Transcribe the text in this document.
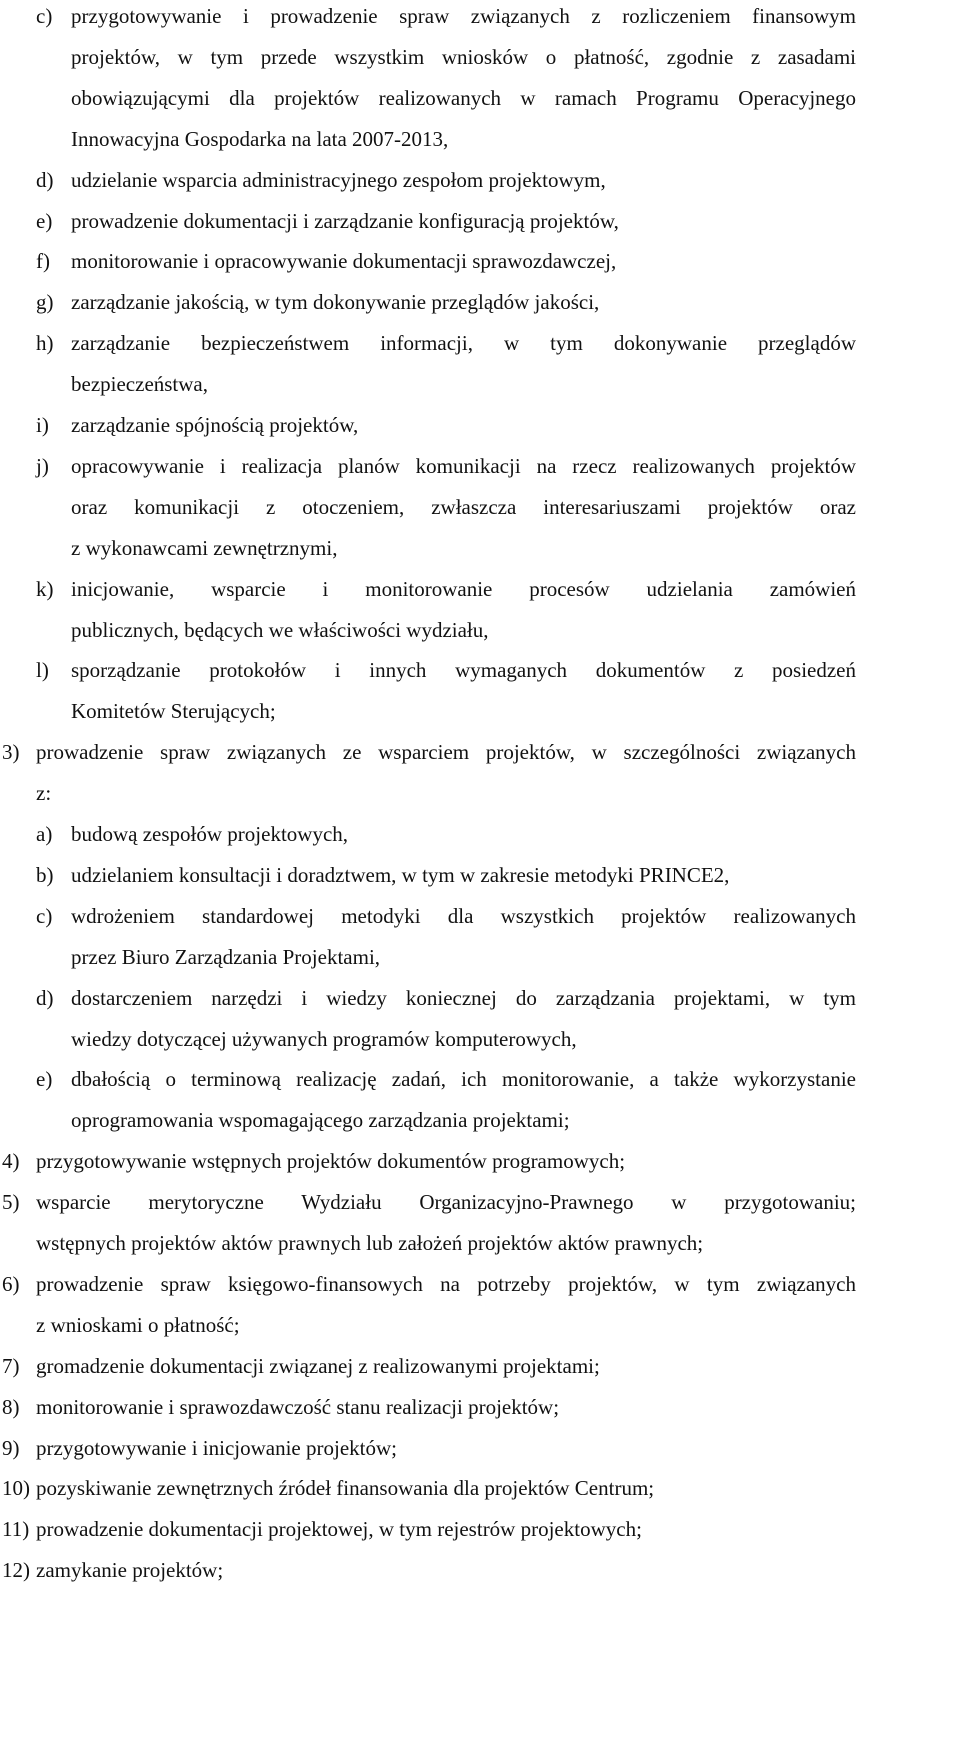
c) przygotowywanie i prowadzenie spraw związanych z rozliczeniem finansowym
projektów, w tym przede wszystkim wniosków o płatność, zgodnie z zasadami
obowiązującymi dla projektów realizowanych w ramach Programu Operacyjnego
Innowacyjna Gospodarka na lata 2007-2013,
d) udzielanie wsparcia administracyjnego zespołom projektowym,
e) prowadzenie dokumentacji i zarządzanie konfiguracją projektów,
f) monitorowanie i opracowywanie dokumentacji sprawozdawczej,
g) zarządzanie jakością, w tym dokonywanie przeglądów jakości,
h) zarządzanie bezpieczeństwem informacji, w tym dokonywanie przeglądów
bezpieczeństwa,
i) zarządzanie spójnością projektów,
j) opracowywanie i realizacja planów komunikacji na rzecz realizowanych projektów
oraz komunikacji z otoczeniem, zwłaszcza interesariuszami projektów oraz
z wykonawcami zewnętrznymi,
k) inicjowanie, wsparcie i monitorowanie procesów udzielania zamówień
publicznych, będących we właściwości wydziału,
l) sporządzanie protokołów i innych wymaganych dokumentów z posiedzeń
Komitetów Sterujących;
3) prowadzenie spraw związanych ze wsparciem projektów, w szczególności związanych
z:
a) budową zespołów projektowych,
b) udzielaniem konsultacji i doradztwem, w tym w zakresie metodyki PRINCE2,
c) wdrożeniem standardowej metodyki dla wszystkich projektów realizowanych
przez Biuro Zarządzania Projektami,
d) dostarczeniem narzędzi i wiedzy koniecznej do zarządzania projektami, w tym
wiedzy dotyczącej używanych programów komputerowych,
e) dbałością o terminową realizację zadań, ich monitorowanie, a także wykorzystanie
oprogramowania wspomagającego zarządzania projektami;
4) przygotowywanie wstępnych projektów dokumentów programowych;
5) wsparcie merytoryczne Wydziału Organizacyjno-Prawnego w przygotowaniu;
wstępnych projektów aktów prawnych lub założeń projektów aktów prawnych;
6) prowadzenie spraw księgowo-finansowych na potrzeby projektów, w tym związanych
z wnioskami o płatność;
7) gromadzenie dokumentacji związanej z realizowanymi projektami;
8) monitorowanie i sprawozdawczość stanu realizacji projektów;
9) przygotowywanie i inicjowanie projektów;
10) pozyskiwanie zewnętrznych źródeł finansowania dla projektów Centrum;
11) prowadzenie dokumentacji projektowej, w tym rejestrów projektowych;
12) zamykanie projektów;
